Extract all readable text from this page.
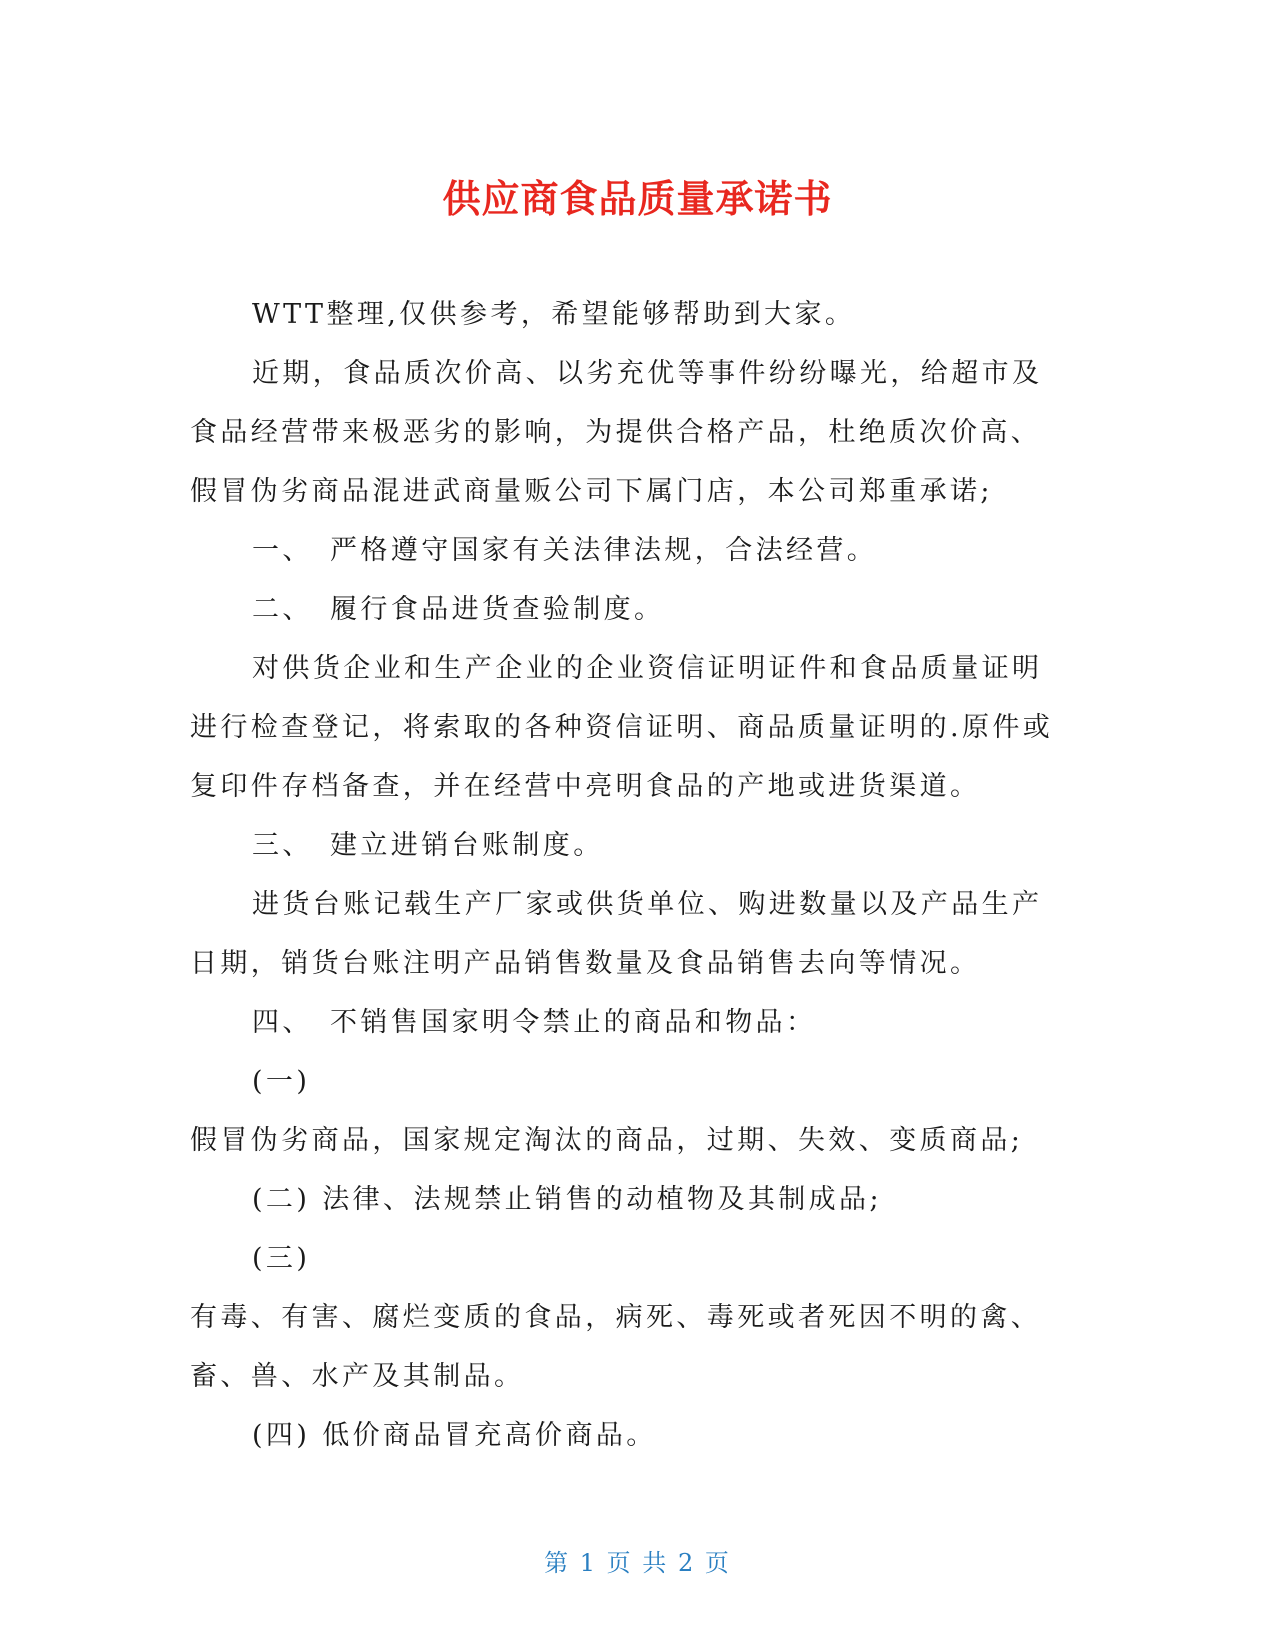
供应商食品质量承诺书

WTT整理,仅供参考，希望能够帮助到大家。

近期，食品质次价高、以劣充优等事件纷纷曝光，给超市及

食品经营带来极恶劣的影响，为提供合格产品，杜绝质次价高、

假冒伪劣商品混进武商量贩公司下属门店，本公司郑重承诺;

一、 严格遵守国家有关法律法规，合法经营。

二、 履行食品进货查验制度。

对供货企业和生产企业的企业资信证明证件和食品质量证明

进行检查登记，将索取的各种资信证明、商品质量证明的.原件或

复印件存档备查，并在经营中亮明食品的产地或进货渠道。

三、 建立进销台账制度。

进货台账记载生产厂家或供货单位、购进数量以及产品生产

日期，销货台账注明产品销售数量及食品销售去向等情况。

四、 不销售国家明令禁止的商品和物品：

(一)

假冒伪劣商品，国家规定淘汰的商品，过期、失效、变质商品;

(二) 法律、法规禁止销售的动植物及其制成品;

(三)

有毒、有害、腐烂变质的食品，病死、毒死或者死因不明的禽、

畜、兽、水产及其制品。

(四) 低价商品冒充高价商品。

第 1 页 共 2 页
